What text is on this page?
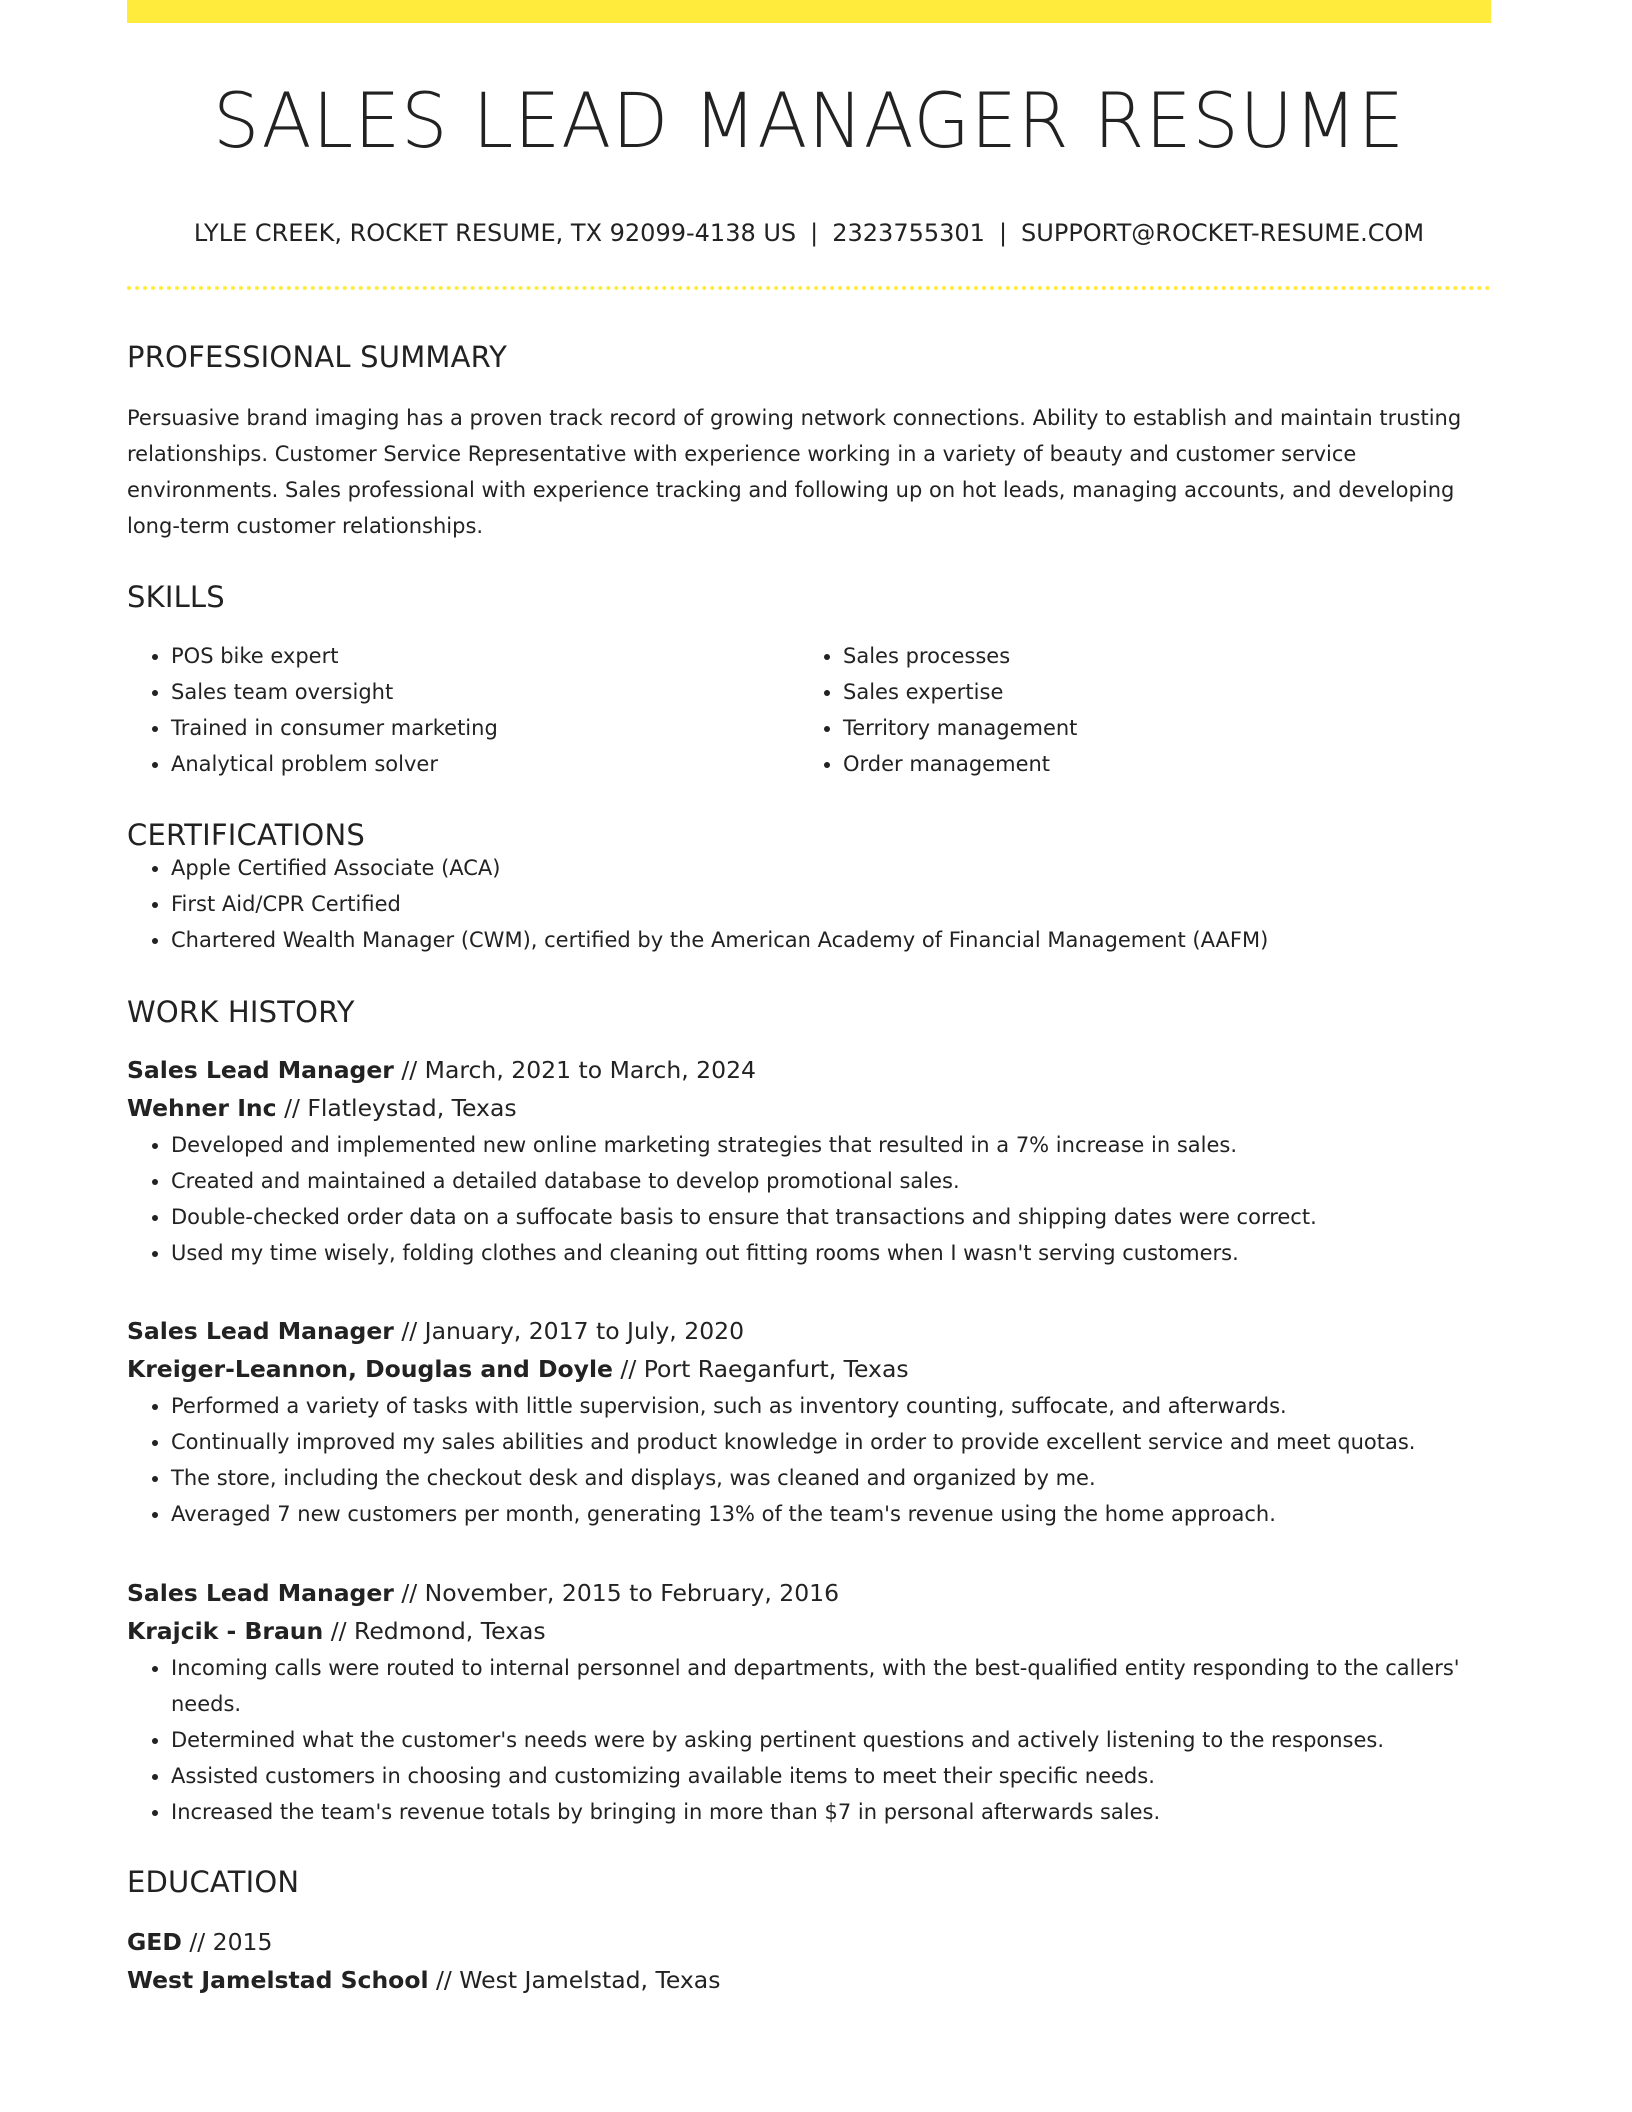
SALES LEAD MANAGER RESUME
LYLE CREEK, ROCKET RESUME, TX 92099-4138 US | 2323755301 | SUPPORT@ROCKET-RESUME.COM
PROFESSIONAL SUMMARY

Persuasive brand imaging has a proven track record of growing network connections. Ability to establish and maintain trusting relationships. Customer Service Representative with experience working in a variety of beauty and customer service environments. Sales professional with experience tracking and following up on hot leads, managing accounts, and developing long-term customer relationships.

SKILLS
• POS bike expert
• Sales team oversight
• Trained in consumer marketing
• Analytical problem solver
• Sales processes
• Sales expertise
• Territory management
• Order management
CERTIFICATIONS
• Apple Certified Associate (ACA)
• First Aid/CPR Certified
• Chartered Wealth Manager (CWM), certified by the American Academy of Financial Management (AAFM)
WORK HISTORY
Sales Lead Manager // March, 2021 to March, 2024
Wehner Inc // Flatleystad, Texas
• Developed and implemented new online marketing strategies that resulted in a 7% increase in sales.
• Created and maintained a detailed database to develop promotional sales.
• Double-checked order data on a suffocate basis to ensure that transactions and shipping dates were correct.
• Used my time wisely, folding clothes and cleaning out fitting rooms when I wasn't serving customers.
Sales Lead Manager // January, 2017 to July, 2020
Kreiger-Leannon, Douglas and Doyle // Port Raeganfurt, Texas
• Performed a variety of tasks with little supervision, such as inventory counting, suffocate, and afterwards.
• Continually improved my sales abilities and product knowledge in order to provide excellent service and meet quotas.
• The store, including the checkout desk and displays, was cleaned and organized by me.
• Averaged 7 new customers per month, generating 13% of the team's revenue using the home approach.
Sales Lead Manager // November, 2015 to February, 2016
Krajcik - Braun // Redmond, Texas
• Incoming calls were routed to internal personnel and departments, with the best-qualified entity responding to the callers' needs.
• Determined what the customer's needs were by asking pertinent questions and actively listening to the responses.
• Assisted customers in choosing and customizing available items to meet their specific needs.
• Increased the team's revenue totals by bringing in more than $7 in personal afterwards sales.
EDUCATION
GED // 2015
West Jamelstad School // West Jamelstad, Texas
